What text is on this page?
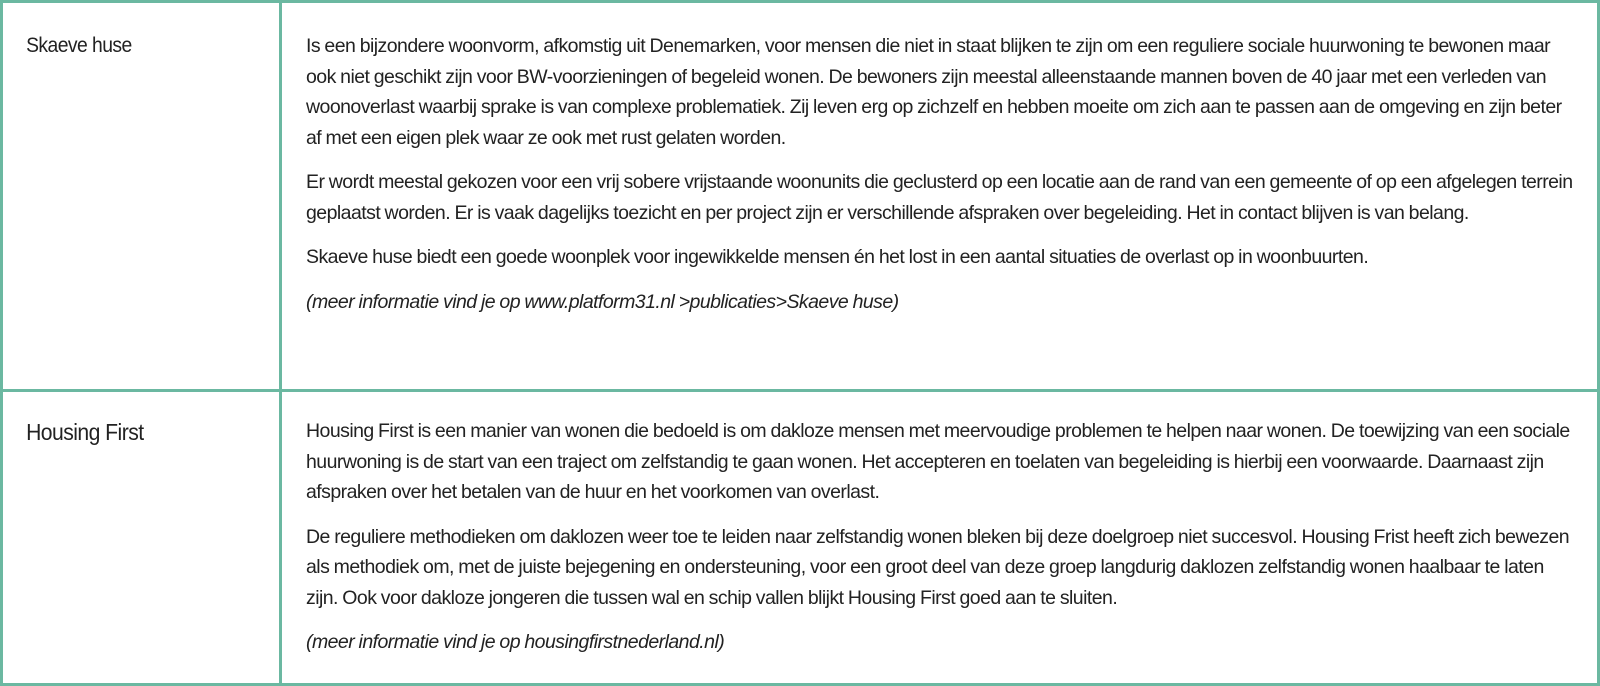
Skaeve huse	Is een bijzondere woonvorm, afkomstig uit Denemarken, voor mensen die niet in staat blijken te zijn om een reguliere sociale huurwoning te bewonen maar ook niet geschikt zijn voor BW-voorzieningen of begeleid wonen. De bewoners zijn meestal alleenstaande mannen boven de 40 jaar met een verleden van woonoverlast waarbij sprake is van complexe problematiek. Zij leven erg op zichzelf en hebben moeite om zich aan te passen aan de omgeving en zijn beter af met een eigen plek waar ze ook met rust gelaten worden.

Er wordt meestal gekozen voor een vrij sobere vrijstaande woonunits die geclusterd op een locatie aan de rand van een gemeente of op een afgelegen terrein geplaatst worden. Er is vaak dagelijks toezicht en per project zijn er verschillende afspraken over begeleiding. Het in contact blijven is van belang.

Skaeve huse biedt een goede woonplek voor ingewikkelde mensen én het lost in een aantal situaties de overlast op in woonbuurten.

(meer informatie vind je op www.platform31.nl >publicaties>Skaeve huse)

Housing First	Housing First is een manier van wonen die bedoeld is om dakloze mensen met meervoudige problemen te helpen naar wonen. De toewijzing van een sociale huurwoning is de start van een traject om zelfstandig te gaan wonen. Het accepteren en toelaten van begeleiding is hierbij een voorwaarde. Daarnaast zijn afspraken over het betalen van de huur en het voorkomen van overlast.

De reguliere methodieken om daklozen weer toe te leiden naar zelfstandig wonen bleken bij deze doelgroep niet succesvol. Housing Frist heeft zich bewezen als methodiek om, met de juiste bejegening en ondersteuning, voor een groot deel van deze groep langdurig daklozen zelfstandig wonen haalbaar te laten zijn. Ook voor dakloze jongeren die tussen wal en schip vallen blijkt Housing First goed aan te sluiten.

(meer informatie vind je op housingfirstnederland.nl)
